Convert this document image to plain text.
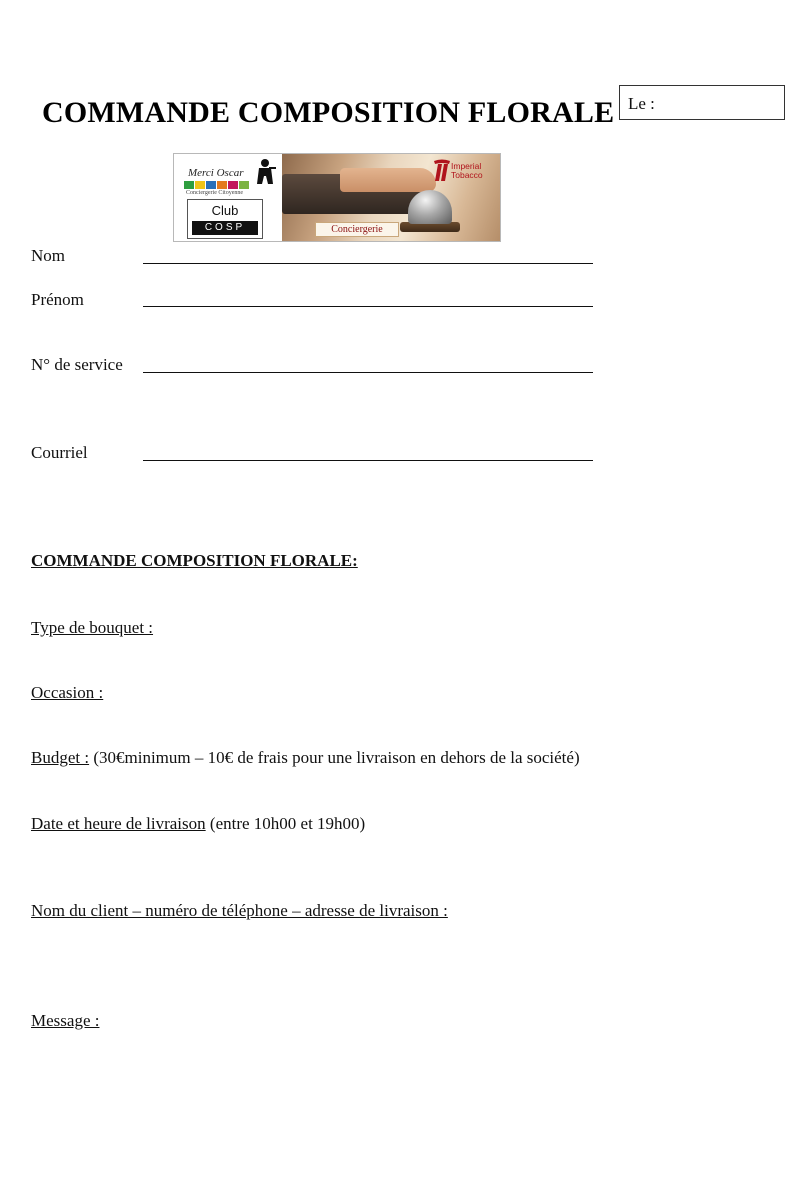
COMMANDE COMPOSITION FLORALE Le :
Merci Oscar
Conciergerie Citoyenne
Club
COSP	Conciergerie
Imperial
Tobacco
Nom
Prénom
N° de service
Courriel
COMMANDE COMPOSITION FLORALE:
Type de bouquet :
Occasion :
Budget : (30€minimum – 10€ de frais pour une livraison en dehors de la société)
Date et heure de livraison (entre 10h00 et 19h00)
Nom du client – numéro de téléphone – adresse de livraison :
Message :
